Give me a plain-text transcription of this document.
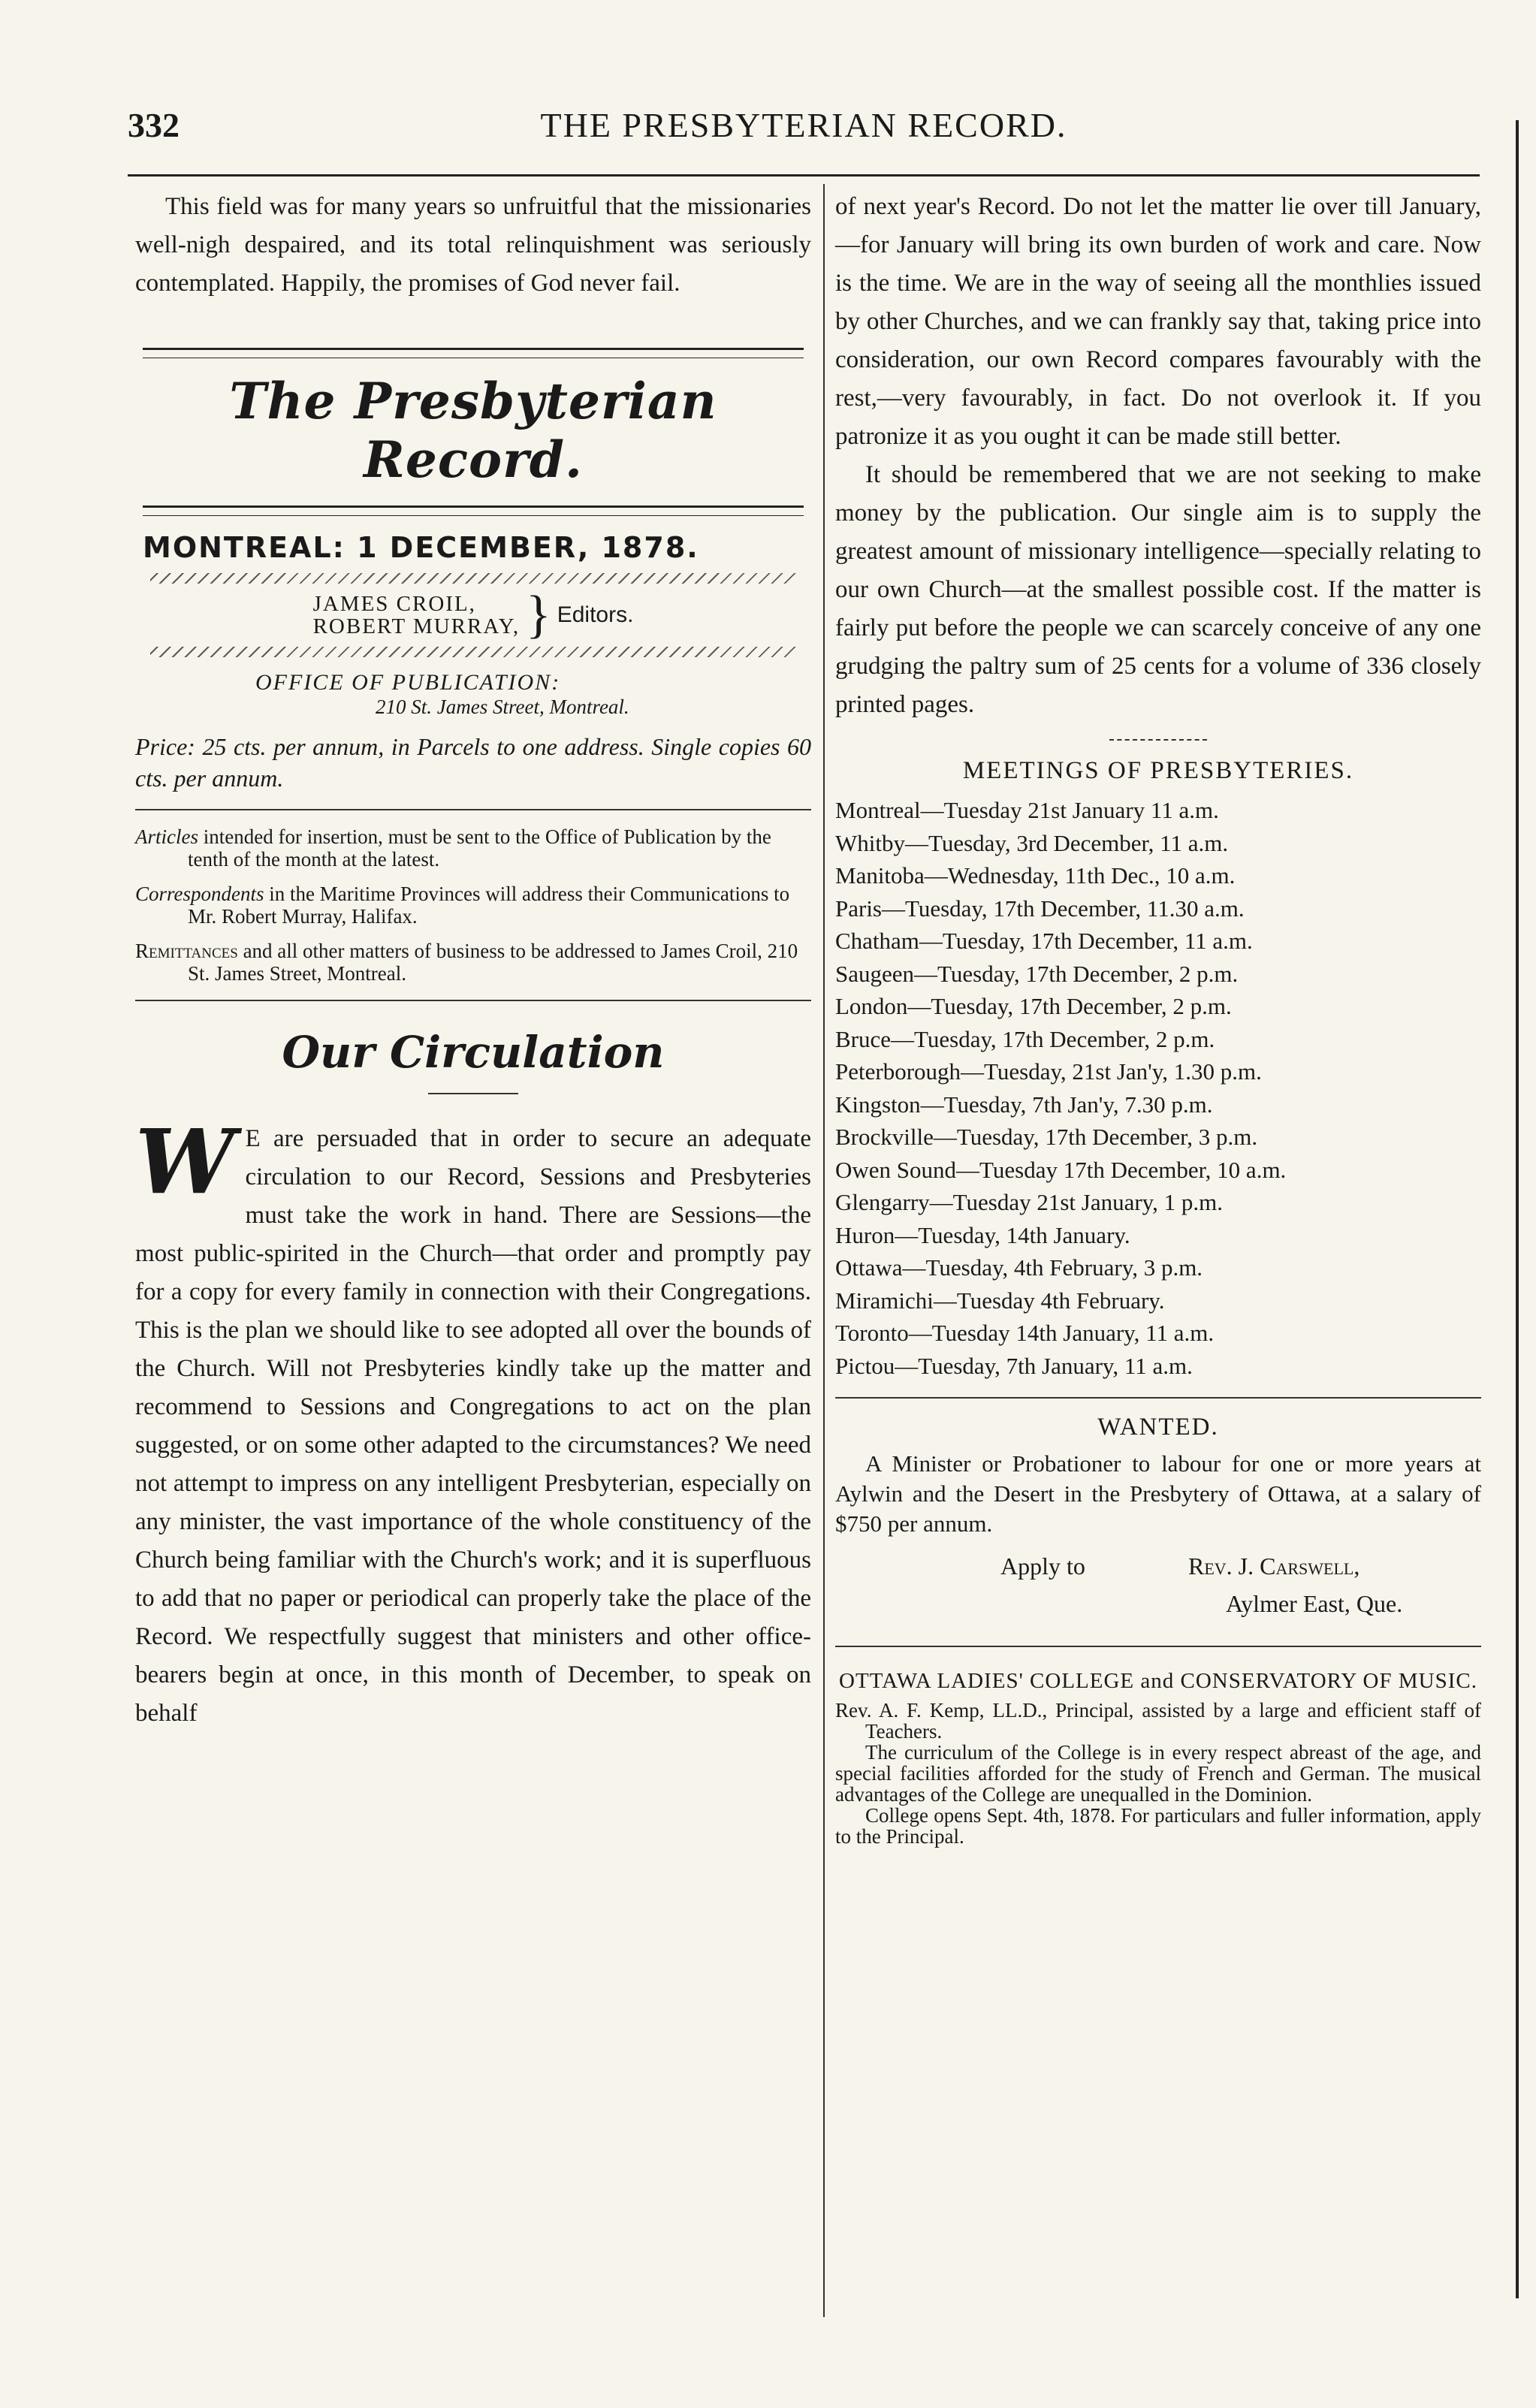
332	THE PRESBYTERIAN RECORD.

This field was for many years so unfruitful that the missionaries well-nigh despaired, and its total relinquishment was seriously contemplated. Happily, the promises of God never fail.

The Presbyterian Record.
MONTREAL: 1 DECEMBER, 1878.
JAMES CROIL,
ROBERT MURRAY, } Editors.
OFFICE OF PUBLICATION:
210 St. James Street, Montreal.

Price: 25 cts. per annum, in Parcels to one address. Single copies 60 cts. per annum.

Articles intended for insertion, must be sent to the Office of Publication by the tenth of the month at the latest.

Correspondents in the Maritime Provinces will address their Communications to Mr. Robert Murray, Halifax.

Remittances and all other matters of business to be addressed to James Croil, 210 St. James Street, Montreal.

Our Circulation
W E are persuaded that in order to secure an adequate circulation to our Record, Sessions and Presbyteries must take the work in hand. There are Sessions—the most public-spirited in the Church—that order and promptly pay for a copy for every family in connection with their Congregations. This is the plan we should like to see adopted all over the bounds of the Church. Will not Presbyteries kindly take up the matter and recommend to Sessions and Congregations to act on the plan suggested, or on some other adapted to the circumstances? We need not attempt to impress on any intelligent Presbyterian, especially on any minister, the vast importance of the whole constituency of the Church being familiar with the Church's work; and it is superfluous to add that no paper or periodical can properly take the place of the Record. We respectfully suggest that ministers and other office-bearers begin at once, in this month of December, to speak on behalf

of next year's Record. Do not let the matter lie over till January,—for January will bring its own burden of work and care. Now is the time. We are in the way of seeing all the monthlies issued by other Churches, and we can frankly say that, taking price into consideration, our own Record compares favourably with the rest,—very favourably, in fact. Do not overlook it. If you patronize it as you ought it can be made still better.

It should be remembered that we are not seeking to make money by the publication. Our single aim is to supply the greatest amount of missionary intelligence—specially relating to our own Church—at the smallest possible cost. If the matter is fairly put before the people we can scarcely conceive of any one grudging the paltry sum of 25 cents for a volume of 336 closely printed pages.

MEETINGS OF PRESBYTERIES.

Montreal—Tuesday 21st January 11 a.m.

Whitby—Tuesday, 3rd December, 11 a.m.

Manitoba—Wednesday, 11th Dec., 10 a.m.

Paris—Tuesday, 17th December, 11.30 a.m.

Chatham—Tuesday, 17th December, 11 a.m.

Saugeen—Tuesday, 17th December, 2 p.m.

London—Tuesday, 17th December, 2 p.m.

Bruce—Tuesday, 17th December, 2 p.m.

Peterborough—Tuesday, 21st Jan'y, 1.30 p.m.

Kingston—Tuesday, 7th Jan'y, 7.30 p.m.

Brockville—Tuesday, 17th December, 3 p.m.

Owen Sound—Tuesday 17th December, 10 a.m.

Glengarry—Tuesday 21st January, 1 p.m.

Huron—Tuesday, 14th January.

Ottawa—Tuesday, 4th February, 3 p.m.

Miramichi—Tuesday 4th February.

Toronto—Tuesday 14th January, 11 a.m.

Pictou—Tuesday, 7th January, 11 a.m.

WANTED.

A Minister or Probationer to labour for one or more years at Aylwin and the Desert in the Presbytery of Ottawa, at a salary of $750 per annum.

Apply to	Rev. J. Carswell,
Aylmer East, Que.
OTTAWA LADIES' COLLEGE and CONSERVATORY OF MUSIC.

Rev. A. F. Kemp, LL.D., Principal, assisted by a large and efficient staff of Teachers.

The curriculum of the College is in every respect abreast of the age, and special facilities afforded for the study of French and German. The musical advantages of the College are unequalled in the Dominion.

College opens Sept. 4th, 1878. For particulars and fuller information, apply to the Principal.
